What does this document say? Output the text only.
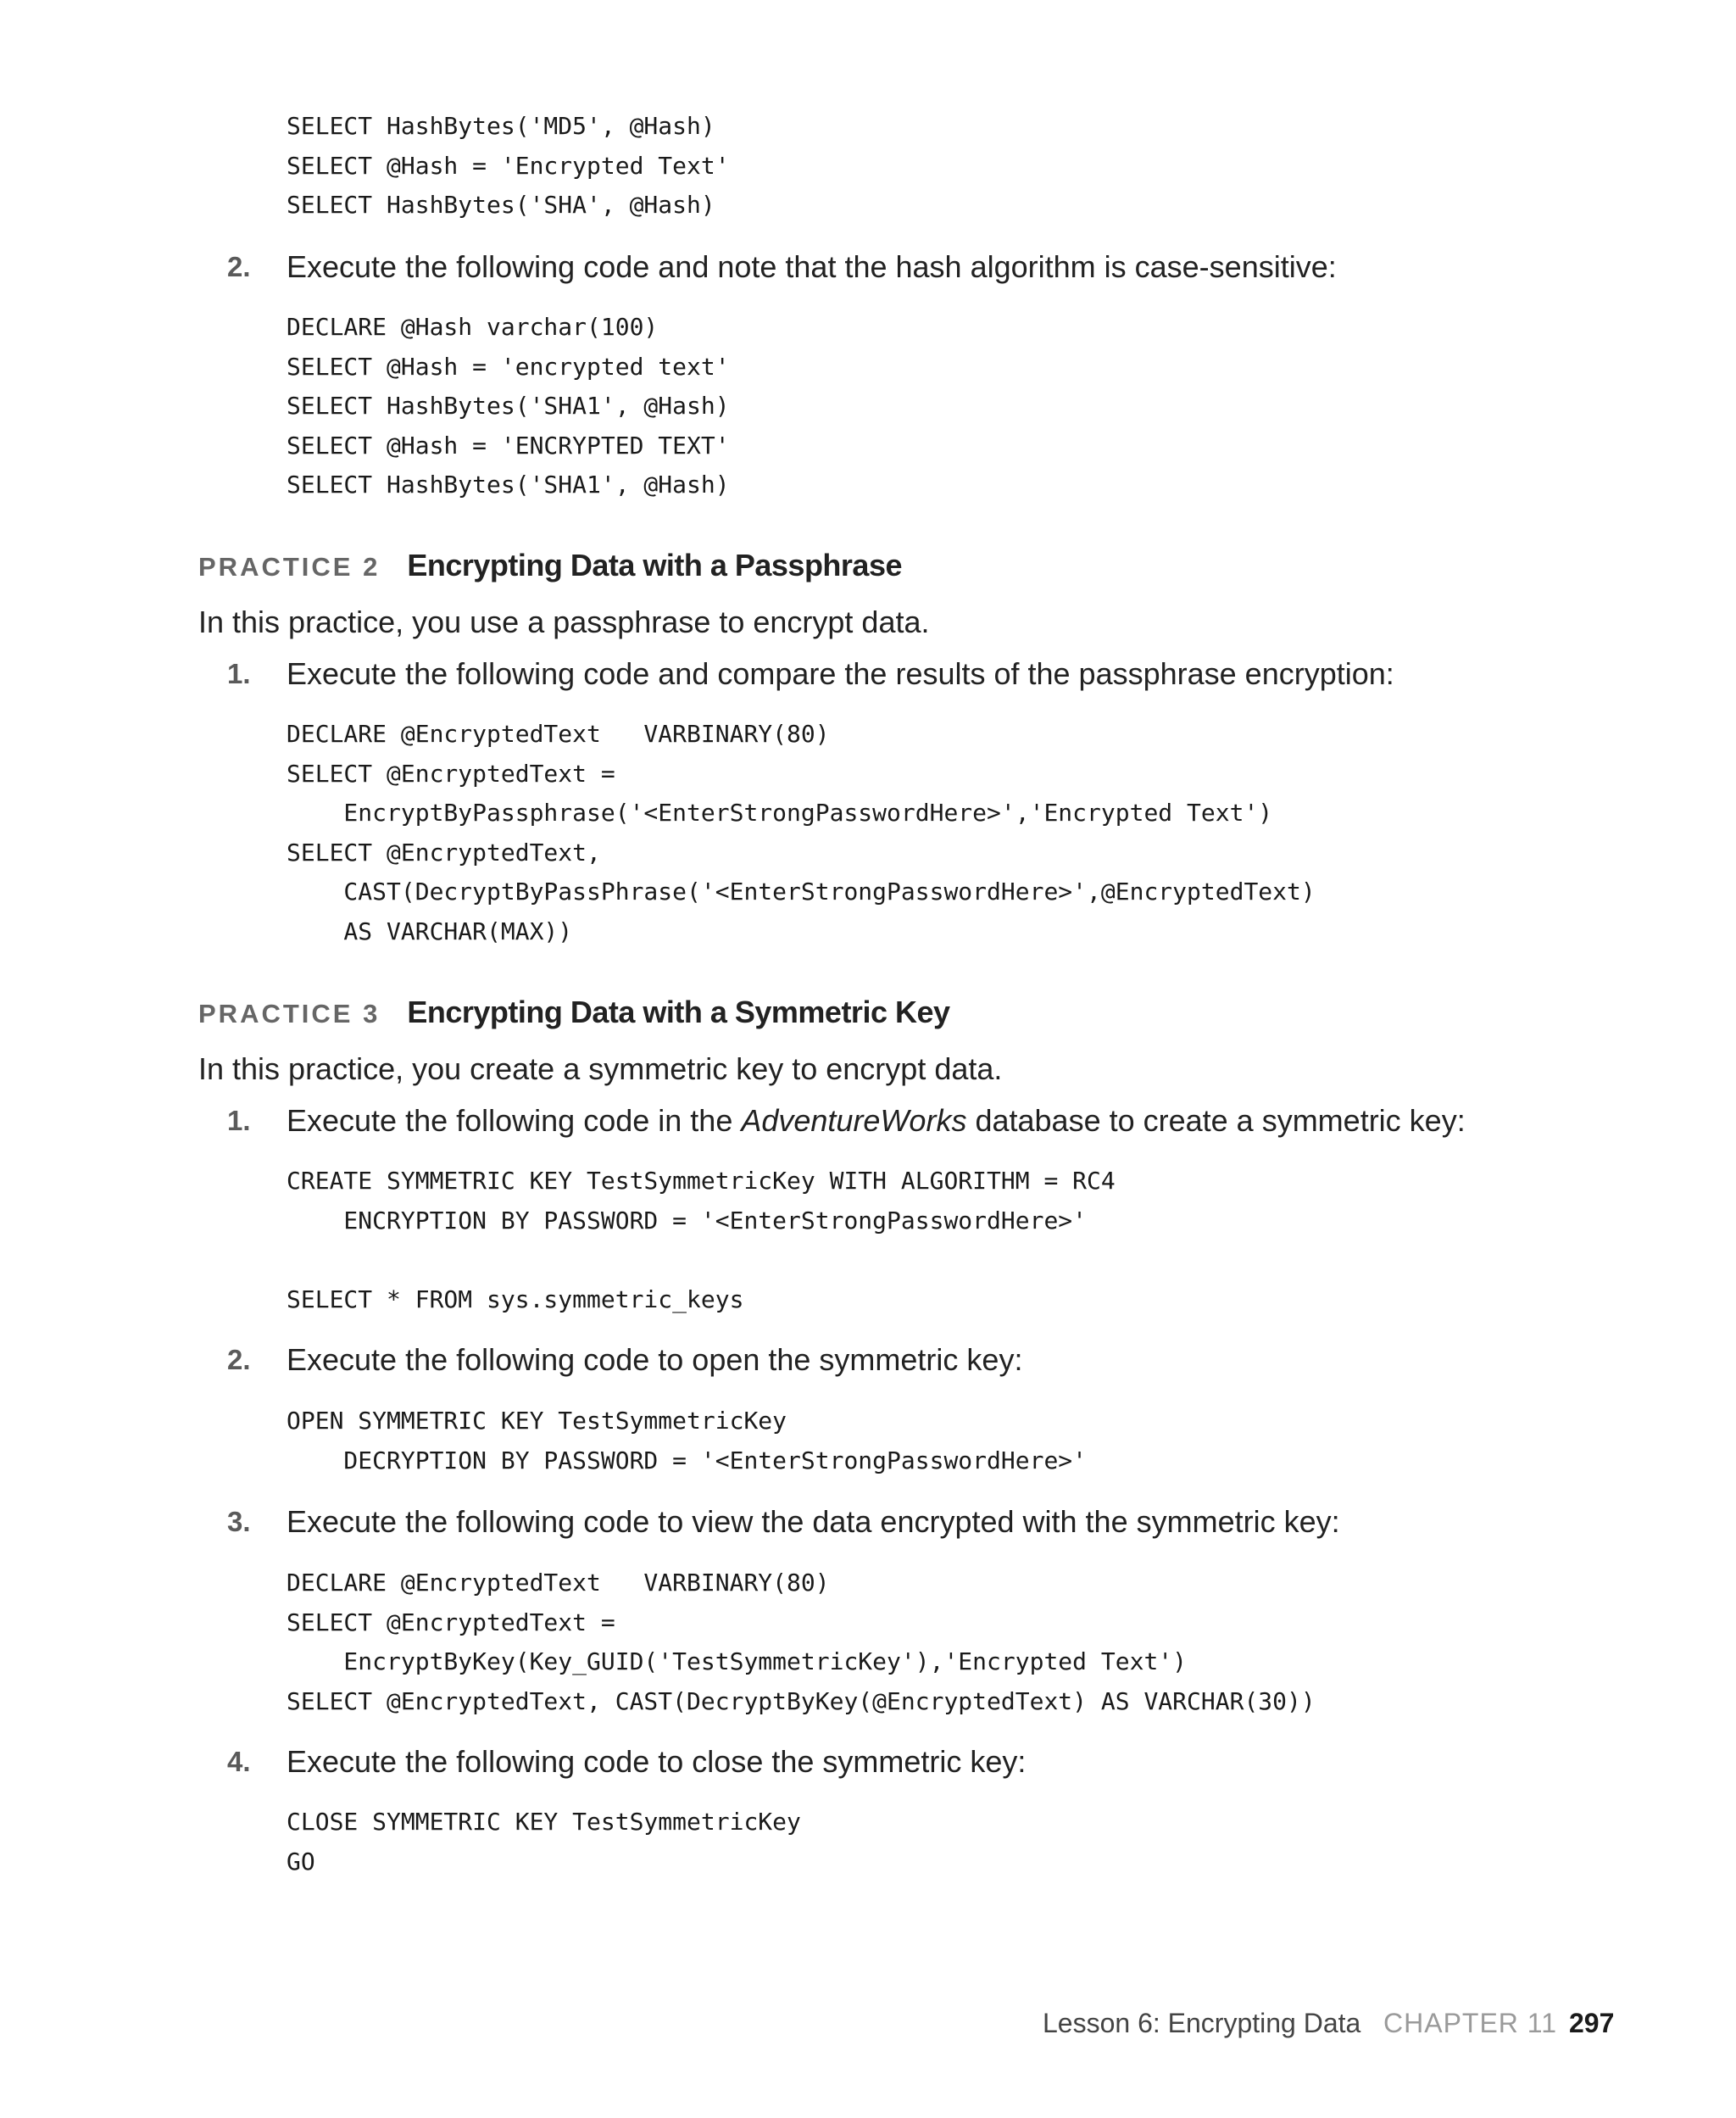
SELECT HashBytes('MD5', @Hash)
SELECT @Hash = 'Encrypted Text'
SELECT HashBytes('SHA', @Hash)
2. Execute the following code and note that the hash algorithm is case-sensitive:
DECLARE @Hash varchar(100)
SELECT @Hash = 'encrypted text'
SELECT HashBytes('SHA1', @Hash)
SELECT @Hash = 'ENCRYPTED TEXT'
SELECT HashBytes('SHA1', @Hash)
PRACTICE 2 Encrypting Data with a Passphrase
In this practice, you use a passphrase to encrypt data.
1. Execute the following code and compare the results of the passphrase encryption:
DECLARE @EncryptedText   VARBINARY(80)
SELECT @EncryptedText =
EncryptByPassphrase('<EnterStrongPasswordHere>','Encrypted Text')
SELECT @EncryptedText,
CAST(DecryptByPassPhrase('<EnterStrongPasswordHere>',@EncryptedText)
AS VARCHAR(MAX))
PRACTICE 3 Encrypting Data with a Symmetric Key
In this practice, you create a symmetric key to encrypt data.
1. Execute the following code in the AdventureWorks database to create a symmetric key:
CREATE SYMMETRIC KEY TestSymmetricKey WITH ALGORITHM = RC4
ENCRYPTION BY PASSWORD = '<EnterStrongPasswordHere>'

SELECT * FROM sys.symmetric_keys
2. Execute the following code to open the symmetric key:
OPEN SYMMETRIC KEY TestSymmetricKey
DECRYPTION BY PASSWORD = '<EnterStrongPasswordHere>'
3. Execute the following code to view the data encrypted with the symmetric key:
DECLARE @EncryptedText   VARBINARY(80)
SELECT @EncryptedText =
EncryptByKey(Key_GUID('TestSymmetricKey'),'Encrypted Text')
SELECT @EncryptedText, CAST(DecryptByKey(@EncryptedText) AS VARCHAR(30))
4. Execute the following code to close the symmetric key:
CLOSE SYMMETRIC KEY TestSymmetricKey
GO
Lesson 6: Encrypting Data CHAPTER 11 297
